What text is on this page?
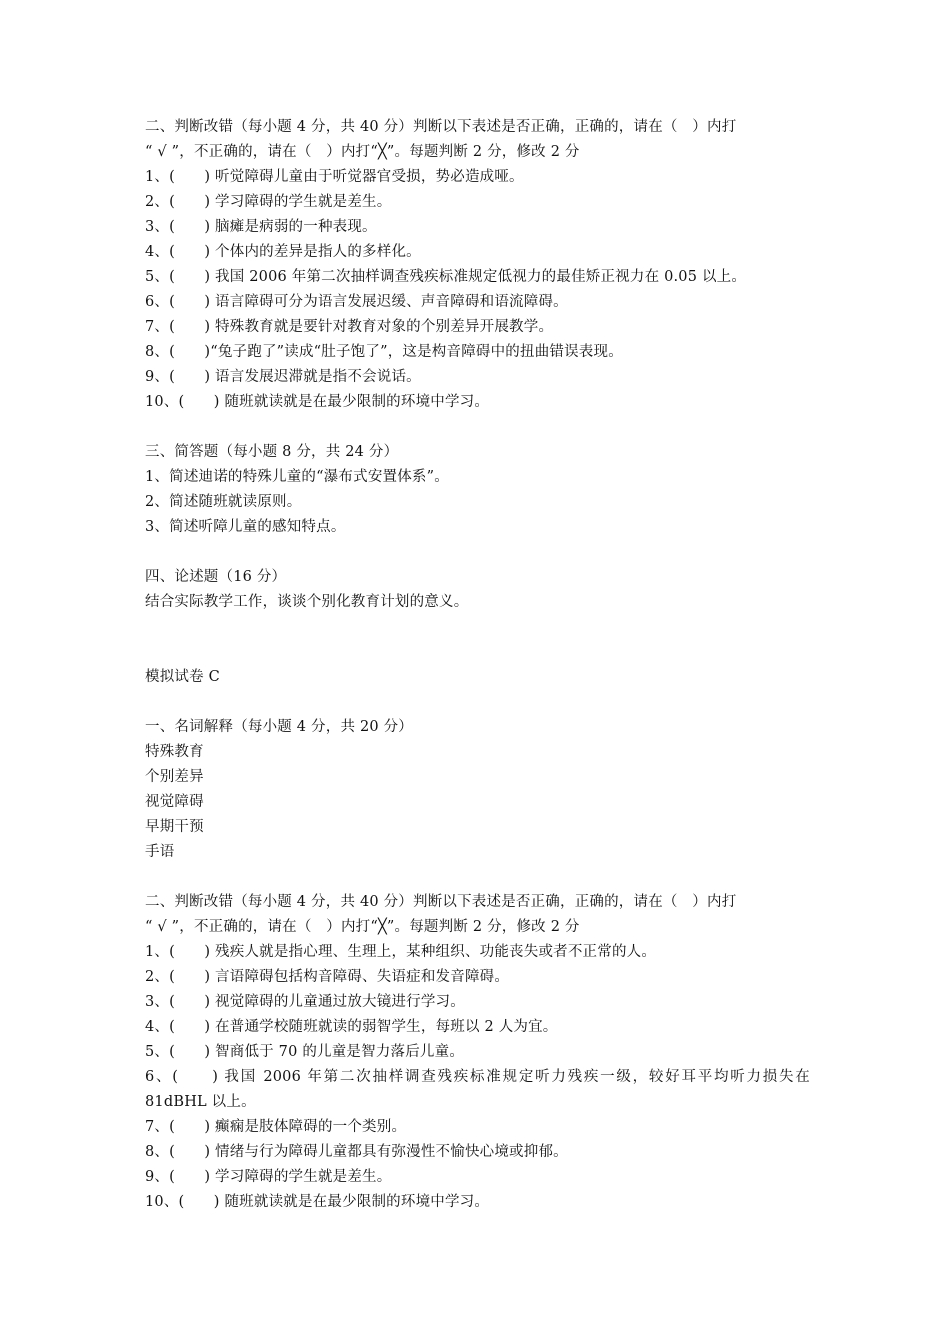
二、判断改错（每小题 4 分，共 40 分）判断以下表述是否正确，正确的，请在（　）内打
“ √ ”，不正确的，请在（　）内打“╳”。每题判断 2 分，修改 2 分
1、(　　) 听觉障碍儿童由于听觉器官受损，势必造成哑。
2、(　　) 学习障碍的学生就是差生。
3、(　　) 脑瘫是病弱的一种表现。
4、(　　) 个体内的差异是指人的多样化。
5、(　　) 我国 2006 年第二次抽样调查残疾标准规定低视力的最佳矫正视力在 0.05 以上。
6、(　　) 语言障碍可分为语言发展迟缓、声音障碍和语流障碍。
7、(　　) 特殊教育就是要针对教育对象的个别差异开展教学。
8、(　　)“兔子跑了”读成“肚子饱了”，这是构音障碍中的扭曲错误表现。
9、(　　) 语言发展迟滞就是指不会说话。
10、(　　) 随班就读就是在最少限制的环境中学习。
三、简答题（每小题 8 分，共 24 分）
1、简述迪诺的特殊儿童的“瀑布式安置体系”。
2、简述随班就读原则。
3、简述听障儿童的感知特点。
四、论述题（16 分）
结合实际教学工作，谈谈个别化教育计划的意义。
模拟试卷 C
一、名词解释（每小题 4 分，共 20 分）
特殊教育
个别差异
视觉障碍
早期干预
手语
二、判断改错（每小题 4 分，共 40 分）判断以下表述是否正确，正确的，请在（　）内打
“ √ ”，不正确的，请在（　）内打“╳”。每题判断 2 分，修改 2 分
1、(　　) 残疾人就是指心理、生理上，某种组织、功能丧失或者不正常的人。
2、(　　) 言语障碍包括构音障碍、失语症和发音障碍。
3、(　　) 视觉障碍的儿童通过放大镜进行学习。
4、(　　) 在普通学校随班就读的弱智学生，每班以 2 人为宜。
5、(　　) 智商低于 70 的儿童是智力落后儿童。
6、(　　) 我国 2006 年第二次抽样调查残疾标准规定听力残疾一级，较好耳平均听力损失在 81dBHL 以上。
7、(　　) 癫痫是肢体障碍的一个类别。
8、(　　) 情绪与行为障碍儿童都具有弥漫性不愉快心境或抑郁。
9、(　　) 学习障碍的学生就是差生。
10、(　　) 随班就读就是在最少限制的环境中学习。
